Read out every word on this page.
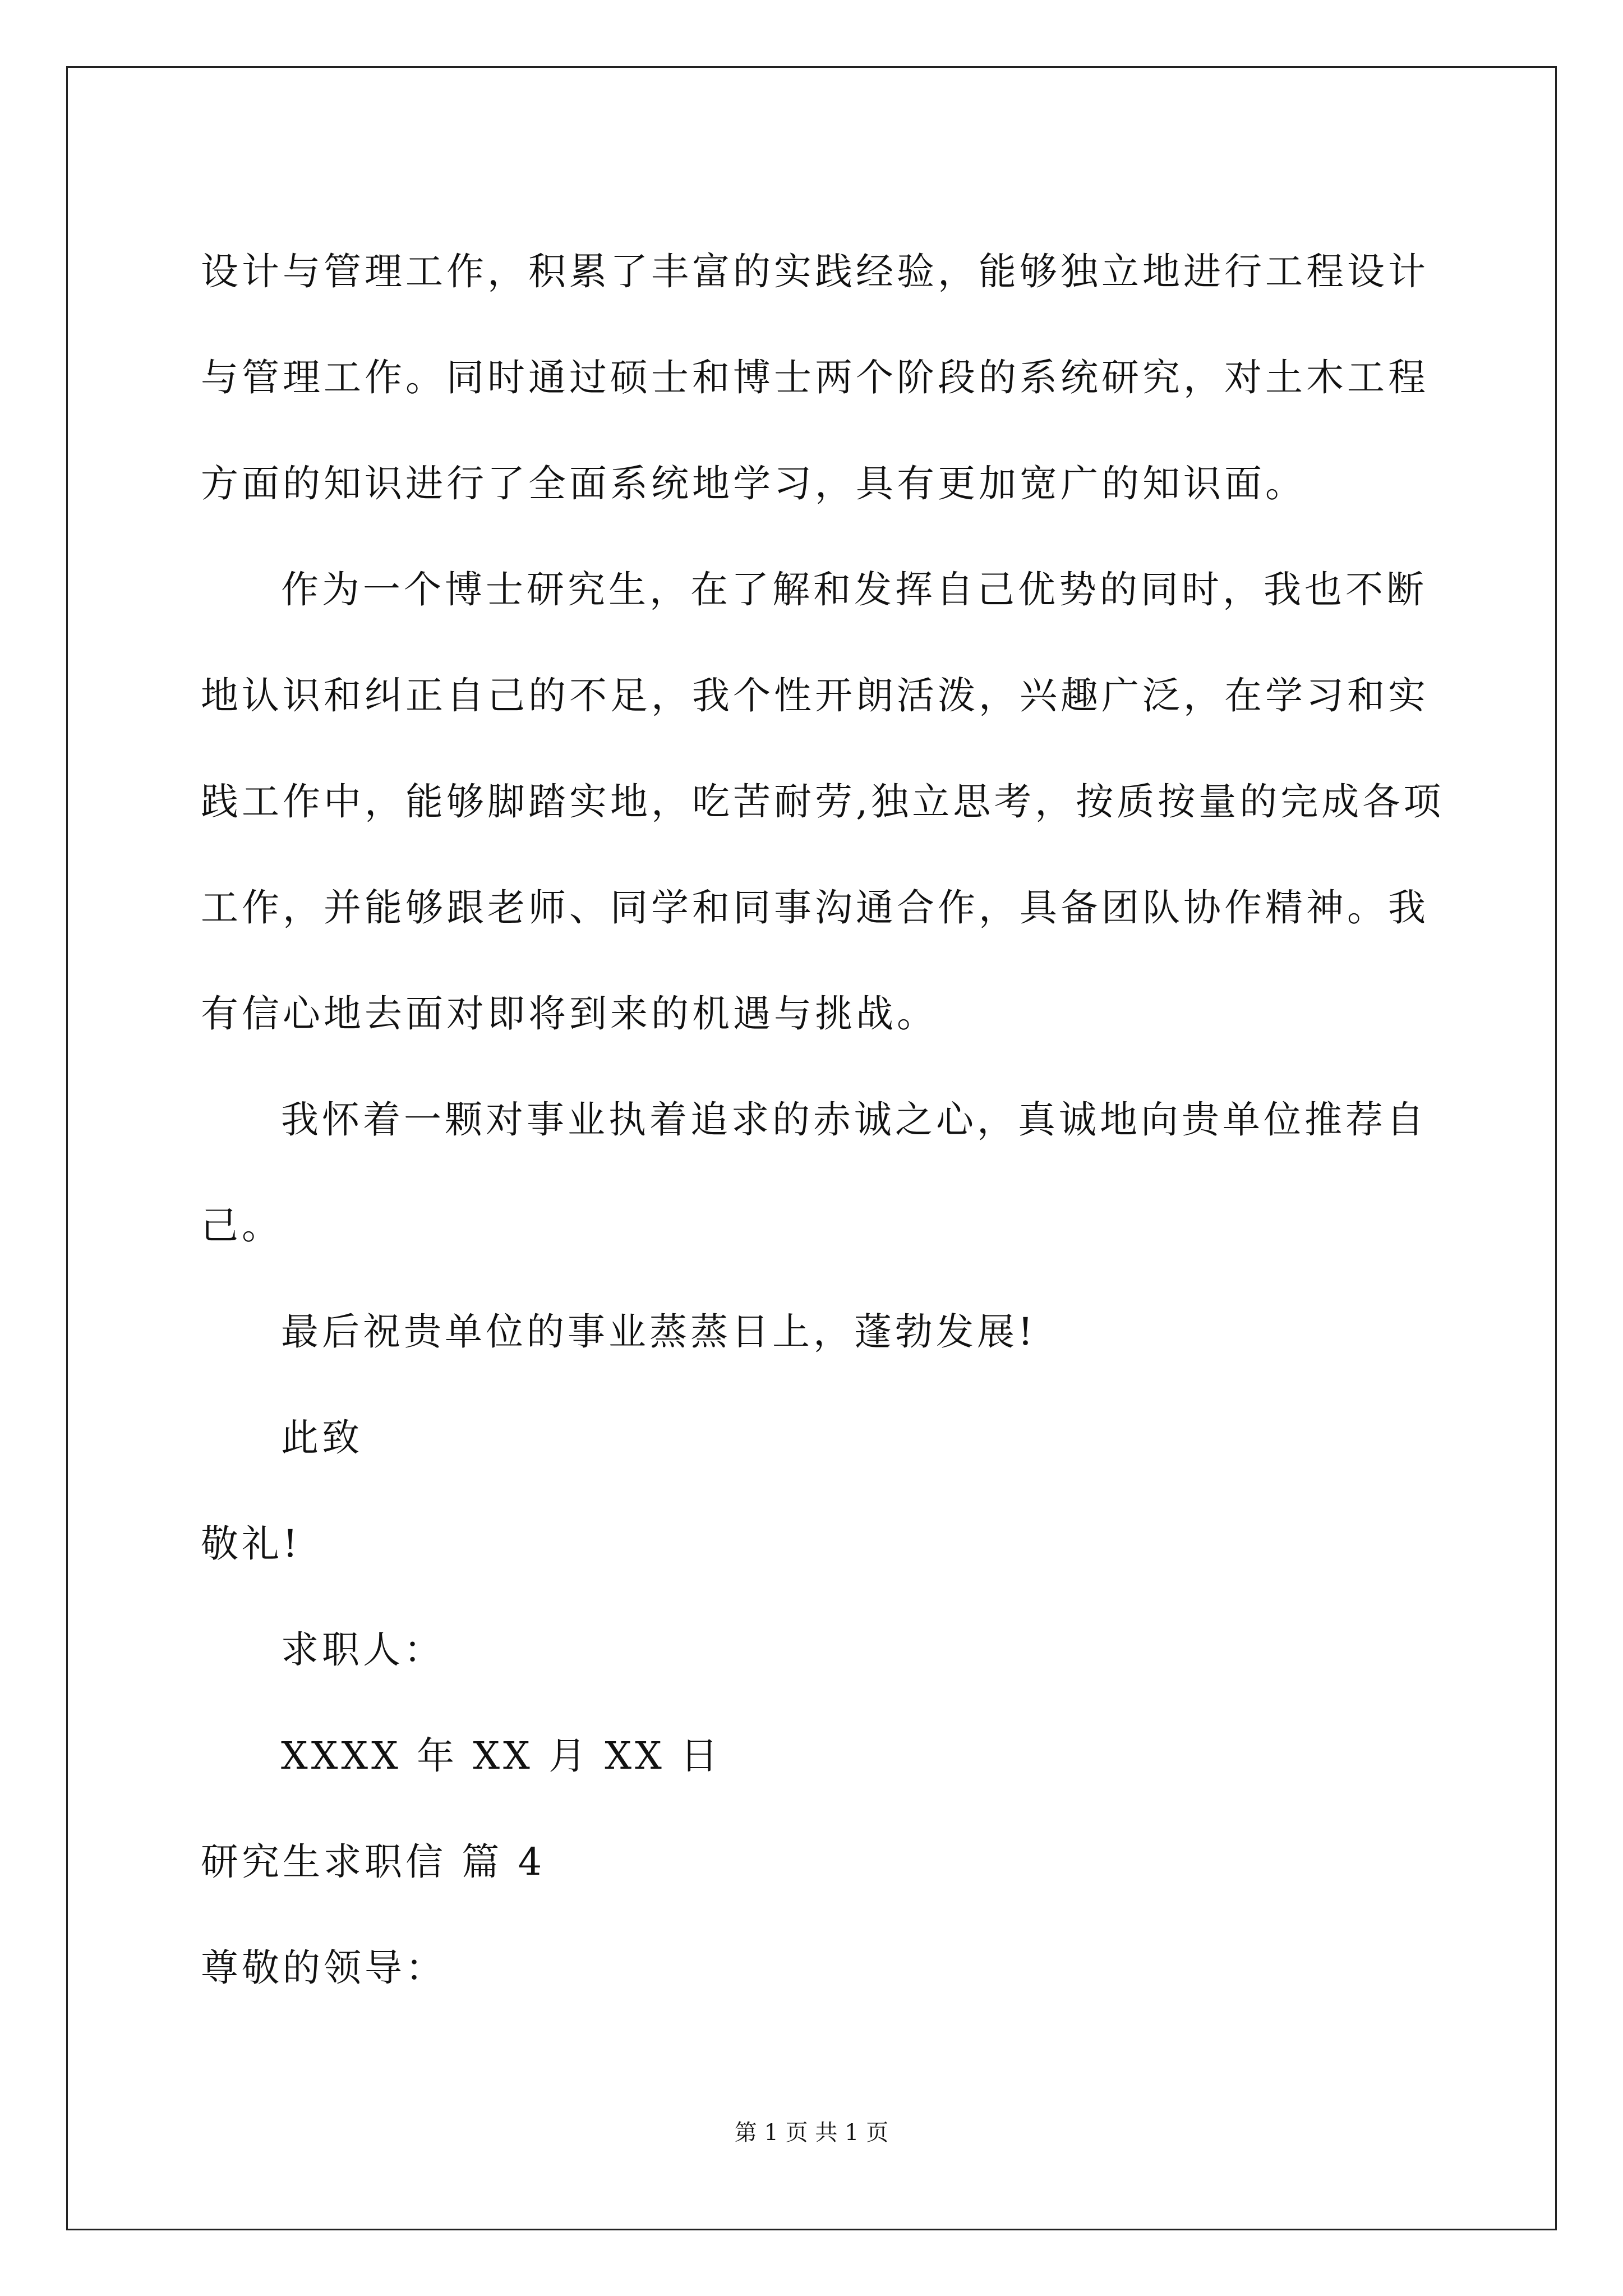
设计与管理工作，积累了丰富的实践经验，能够独立地进行工程设计
与管理工作。同时通过硕士和博士两个阶段的系统研究，对土木工程
方面的知识进行了全面系统地学习，具有更加宽广的知识面。
作为一个博士研究生，在了解和发挥自己优势的同时，我也不断
地认识和纠正自己的不足，我个性开朗活泼，兴趣广泛，在学习和实
践工作中，能够脚踏实地，吃苦耐劳,独立思考，按质按量的完成各项
工作，并能够跟老师、同学和同事沟通合作，具备团队协作精神。我
有信心地去面对即将到来的机遇与挑战。
我怀着一颗对事业执着追求的赤诚之心，真诚地向贵单位推荐自
己。
最后祝贵单位的事业蒸蒸日上，蓬勃发展!
此致
敬礼!
求职人：
XXXX 年 XX 月 XX 日
研究生求职信 篇 4
尊敬的领导：
第 1 页 共 1 页
